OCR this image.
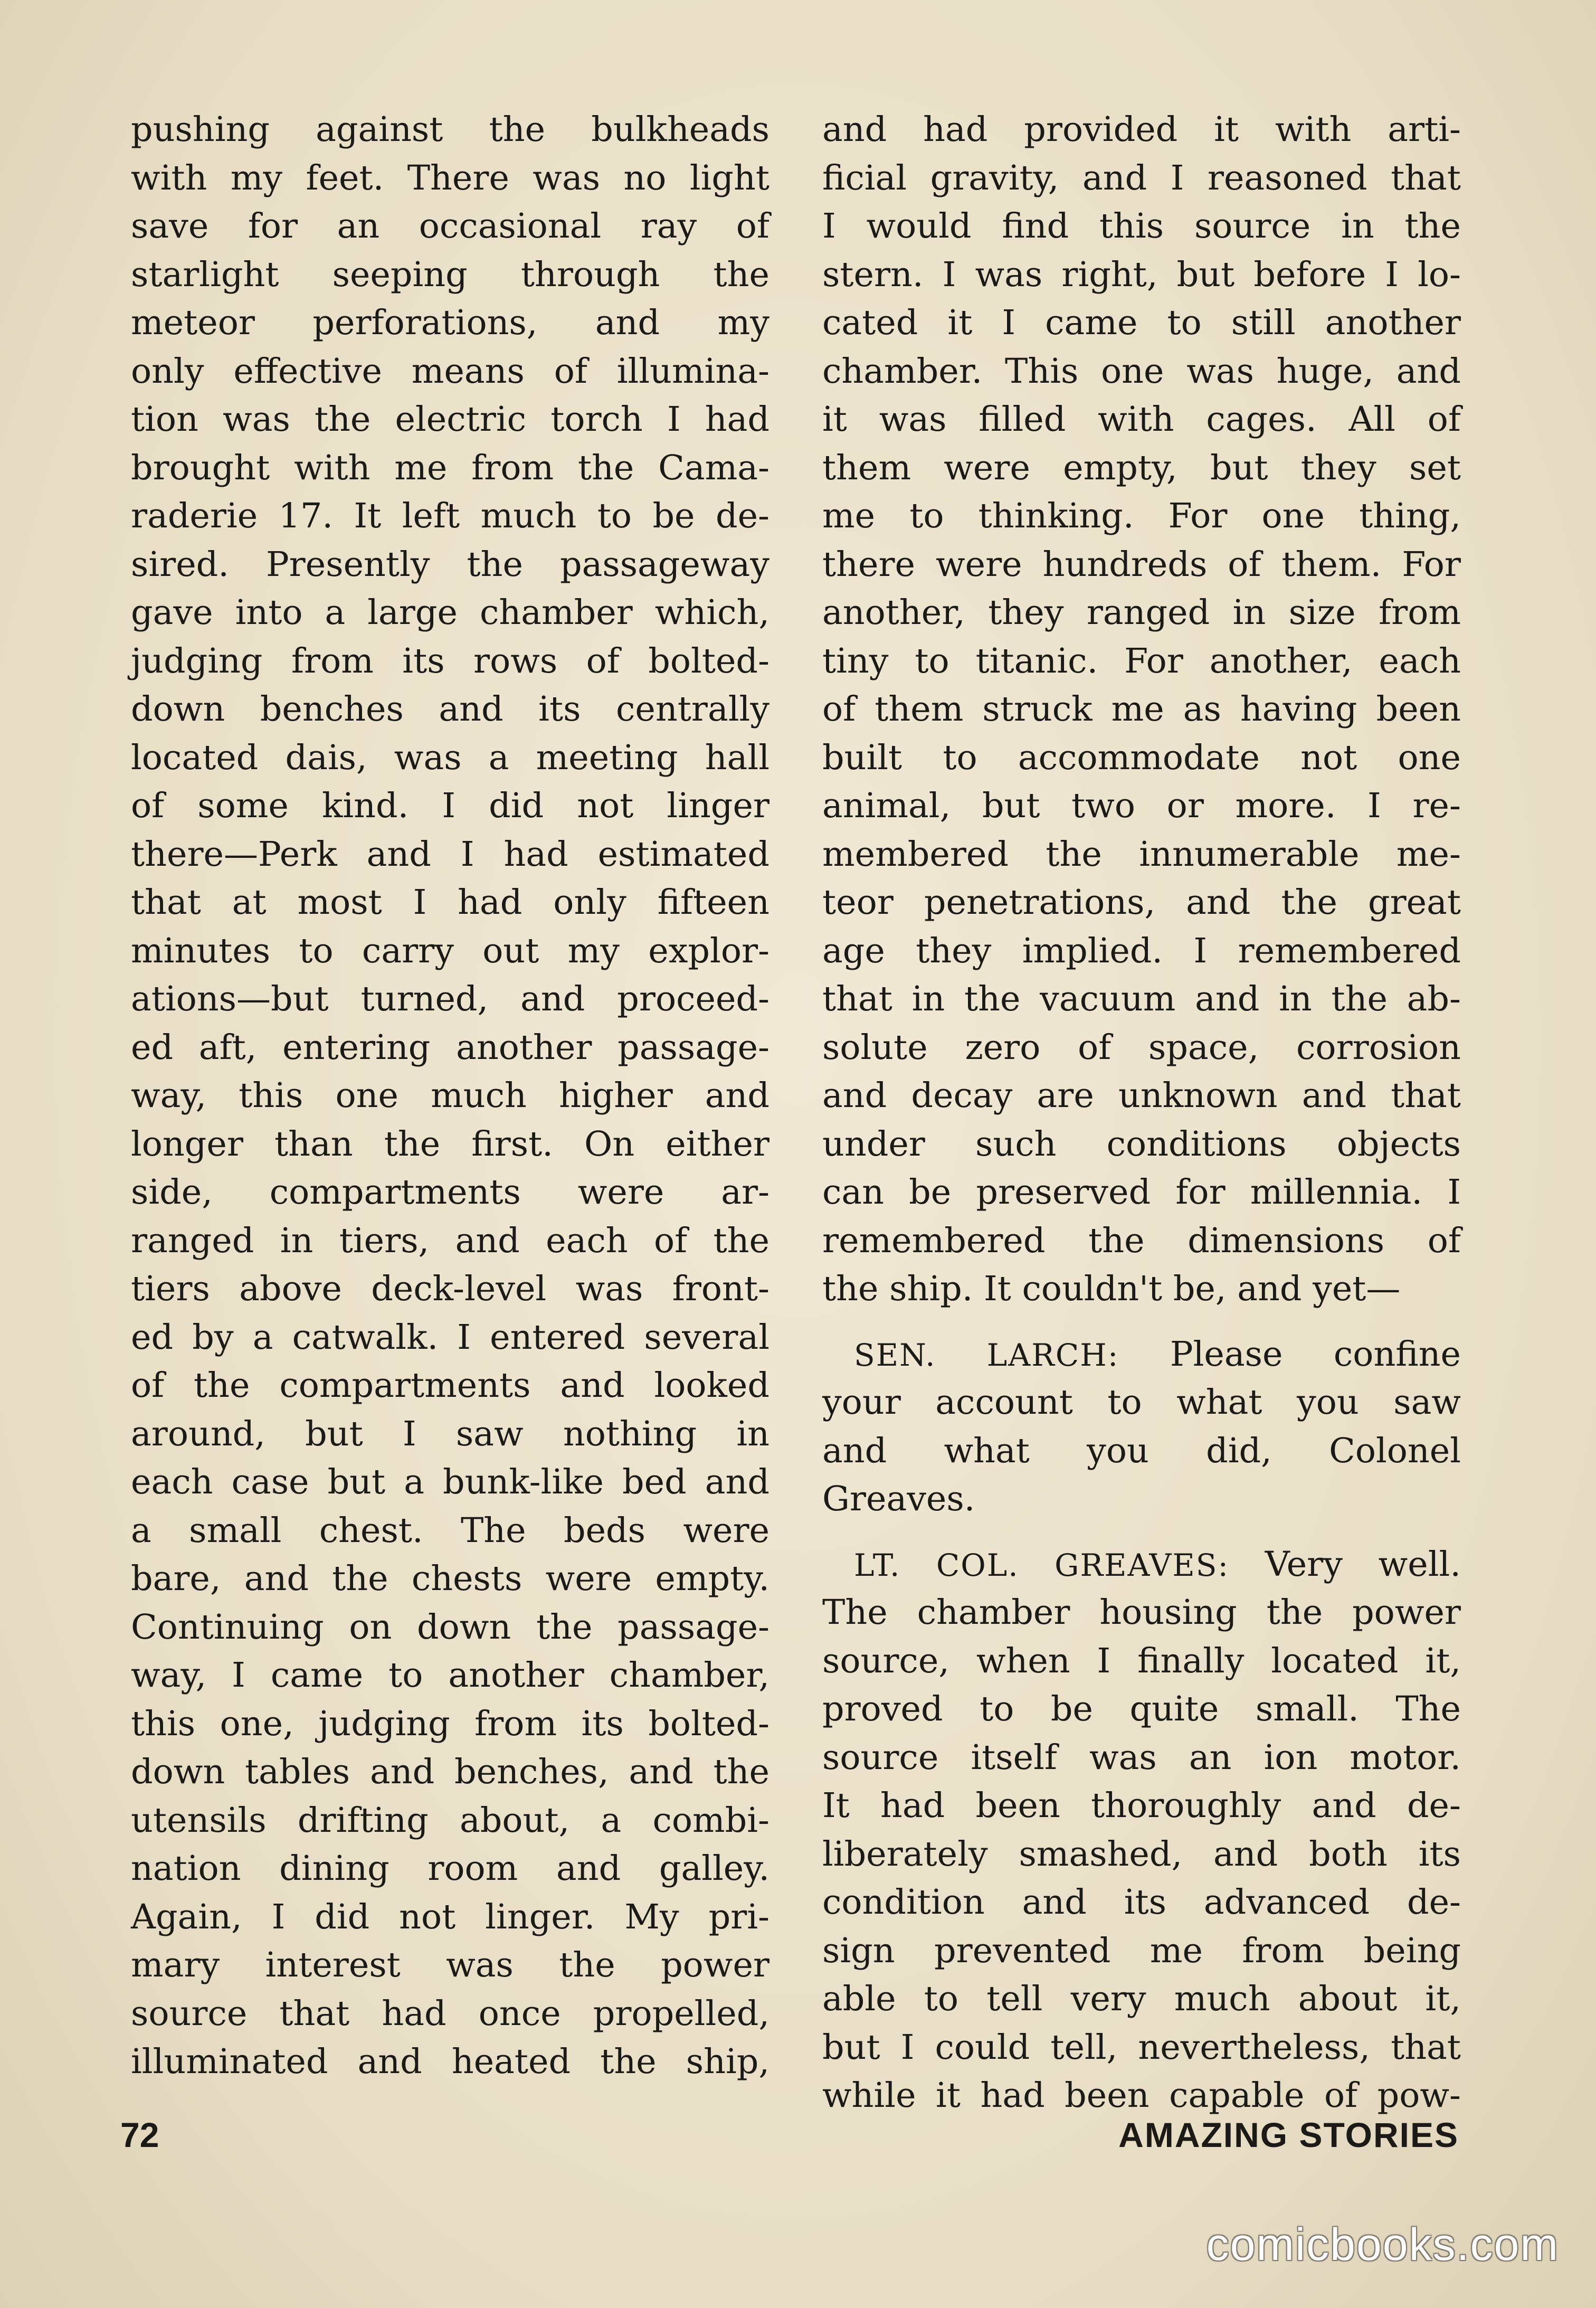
pushing against the bulkheads
with my feet. There was no light
save for an occasional ray of
starlight seeping through the
meteor perforations, and my
only effective means of illumina-
tion was the electric torch I had
brought with me from the Cama-
raderie 17. It left much to be de-
sired. Presently the passageway
gave into a large chamber which,
judging from its rows of bolted-
down benches and its centrally
located dais, was a meeting hall
of some kind. I did not linger
there—Perk and I had estimated
that at most I had only fifteen
minutes to carry out my explor-
ations—but turned, and proceed-
ed aft, entering another passage-
way, this one much higher and
longer than the first. On either
side, compartments were ar-
ranged in tiers, and each of the
tiers above deck-level was front-
ed by a catwalk. I entered several
of the compartments and looked
around, but I saw nothing in
each case but a bunk-like bed and
a small chest. The beds were
bare, and the chests were empty.
Continuing on down the passage-
way, I came to another chamber,
this one, judging from its bolted-
down tables and benches, and the
utensils drifting about, a combi-
nation dining room and galley.
Again, I did not linger. My pri-
mary interest was the power
source that had once propelled,
illuminated and heated the ship,
and had provided it with arti-
ficial gravity, and I reasoned that
I would find this source in the
stern. I was right, but before I lo-
cated it I came to still another
chamber. This one was huge, and
it was filled with cages. All of
them were empty, but they set
me to thinking. For one thing,
there were hundreds of them. For
another, they ranged in size from
tiny to titanic. For another, each
of them struck me as having been
built to accommodate not one
animal, but two or more. I re-
membered the innumerable me-
teor penetrations, and the great
age they implied. I remembered
that in the vacuum and in the ab-
solute zero of space, corrosion
and decay are unknown and that
under such conditions objects
can be preserved for millennia. I
remembered the dimensions of
the ship. It couldn't be, and yet—
SEN. LARCH: Please confine
your account to what you saw
and what you did, Colonel
Greaves.
LT. COL. GREAVES: Very well.
The chamber housing the power
source, when I finally located it,
proved to be quite small. The
source itself was an ion motor.
It had been thoroughly and de-
liberately smashed, and both its
condition and its advanced de-
sign prevented me from being
able to tell very much about it,
but I could tell, nevertheless, that
while it had been capable of pow-
72	AMAZING STORIES
comicbooks.com
